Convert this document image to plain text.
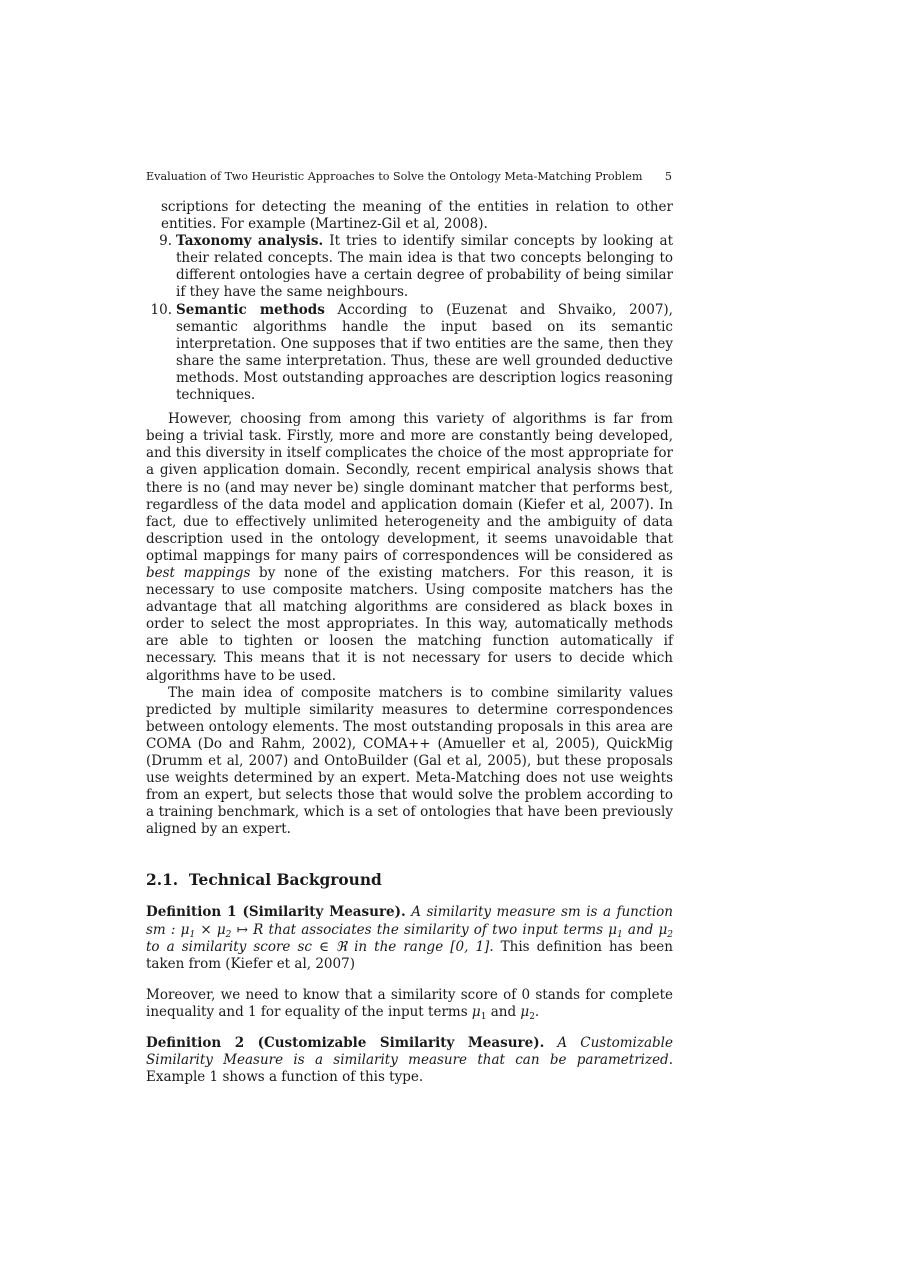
Evaluation of Two Heuristic Approaches to Solve the Ontology Meta-Matching Problem 5

scriptions for detecting the meaning of the entities in relation to other entities. For example (Martinez-Gil et al, 2008).

9. Taxonomy analysis. It tries to identify similar concepts by looking at their related concepts. The main idea is that two concepts belonging to different ontologies have a certain degree of probability of being similar if they have the same neighbours.

10. Semantic methods According to (Euzenat and Shvaiko, 2007), semantic algorithms handle the input based on its semantic interpretation. One supposes that if two entities are the same, then they share the same interpretation. Thus, these are well grounded deductive methods. Most outstanding approaches are description logics reasoning techniques.

However, choosing from among this variety of algorithms is far from being a trivial task. Firstly, more and more are constantly being developed, and this diversity in itself complicates the choice of the most appropriate for a given application domain. Secondly, recent empirical analysis shows that there is no (and may never be) single dominant matcher that performs best, regardless of the data model and application domain (Kiefer et al, 2007). In fact, due to effectively unlimited heterogeneity and the ambiguity of data description used in the ontology development, it seems unavoidable that optimal mappings for many pairs of correspondences will be considered as best mappings by none of the existing matchers. For this reason, it is necessary to use composite matchers. Using composite matchers has the advantage that all matching algorithms are considered as black boxes in order to select the most appropriates. In this way, automatically methods are able to tighten or loosen the matching function automatically if necessary. This means that it is not necessary for users to decide which algorithms have to be used.

The main idea of composite matchers is to combine similarity values predicted by multiple similarity measures to determine correspondences between ontology elements. The most outstanding proposals in this area are COMA (Do and Rahm, 2002), COMA++ (Amueller et al, 2005), QuickMig (Drumm et al, 2007) and OntoBuilder (Gal et al, 2005), but these proposals use weights determined by an expert. Meta-Matching does not use weights from an expert, but selects those that would solve the problem according to a training benchmark, which is a set of ontologies that have been previously aligned by an expert.

2.1. Technical Background

Definition 1 (Similarity Measure). A similarity measure sm is a function sm : $\mu_1 \times \mu_2$ ↦ R that associates the similarity of two input terms $\mu_1$ and $\mu_2$ to a similarity score sc ∈ ℜ in the range [0, 1]. This definition has been taken from (Kiefer et al, 2007)

Moreover, we need to know that a similarity score of 0 stands for complete inequality and 1 for equality of the input terms $\mu_1$ and $\mu_2$.

Definition 2 (Customizable Similarity Measure). A Customizable Similarity Measure is a similarity measure that can be parametrized. Example 1 shows a function of this type.
